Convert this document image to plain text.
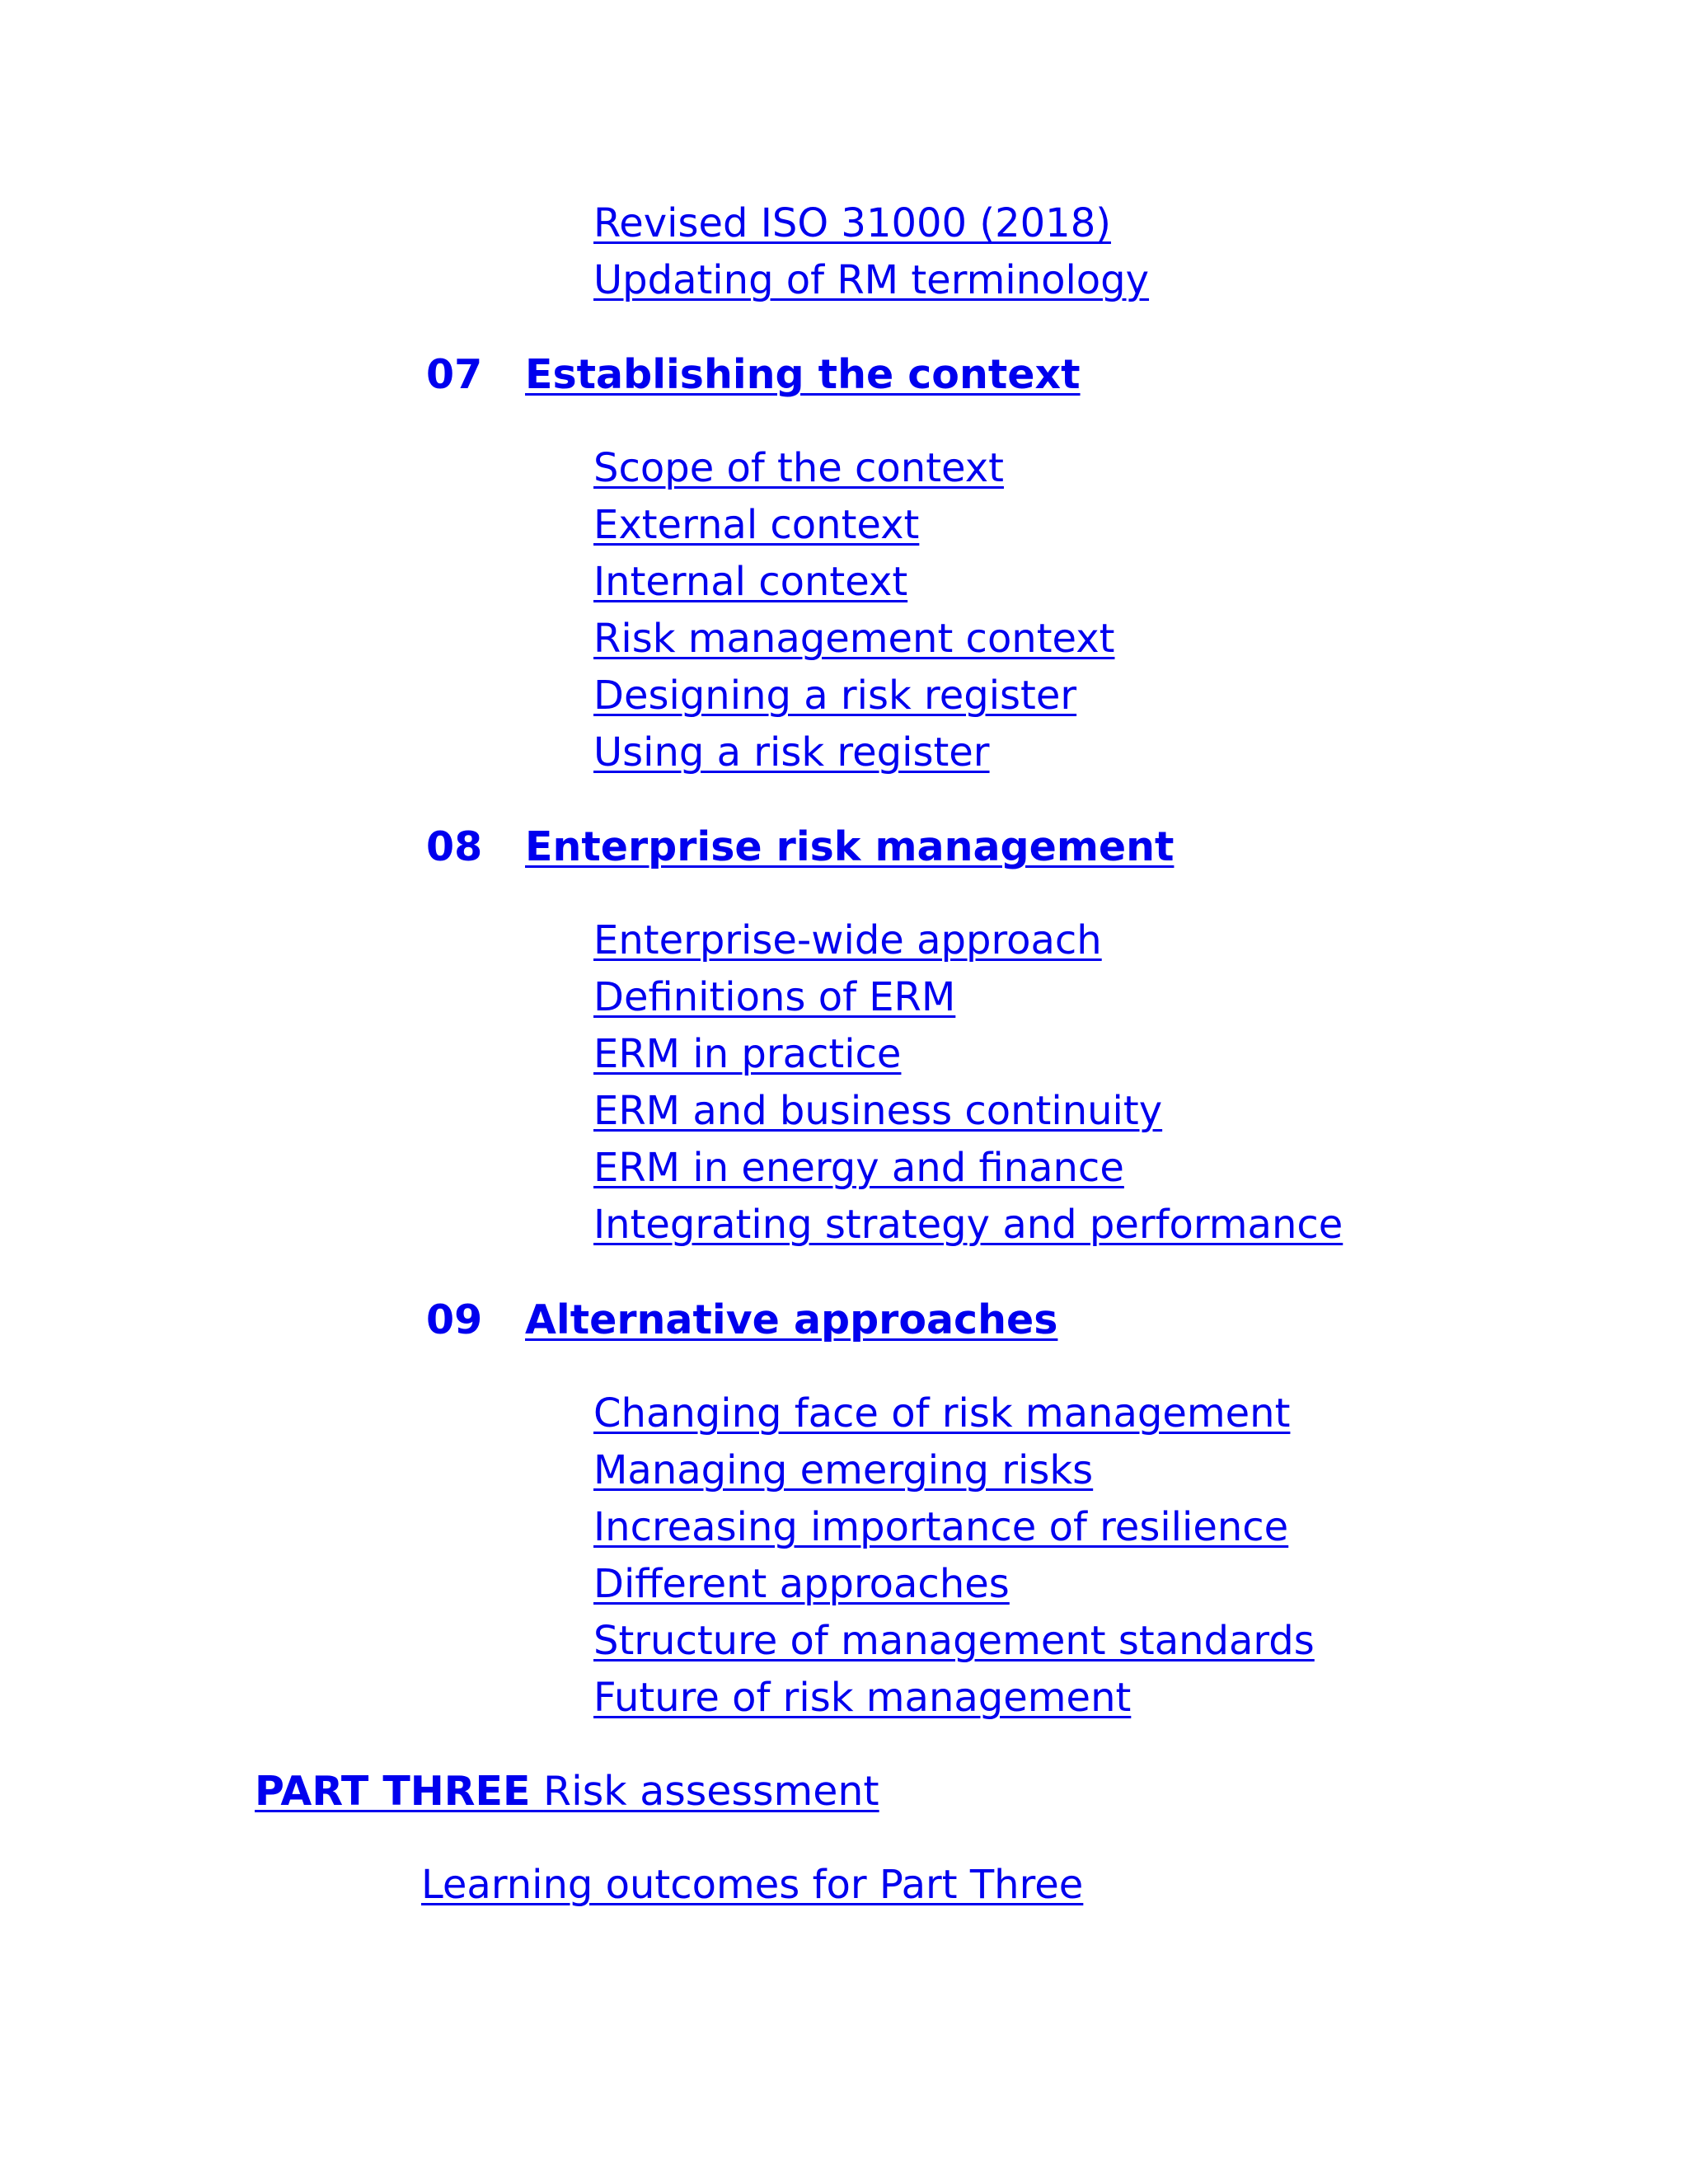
Revised ISO 31000 (2018)
Updating of RM terminology
07 Establishing the context
Scope of the context
External context
Internal context
Risk management context
Designing a risk register
Using a risk register
08 Enterprise risk management
Enterprise-wide approach
Definitions of ERM
ERM in practice
ERM and business continuity
ERM in energy and finance
Integrating strategy and performance
09 Alternative approaches
Changing face of risk management
Managing emerging risks
Increasing importance of resilience
Different approaches
Structure of management standards
Future of risk management
PART THREE Risk assessment
Learning outcomes for Part Three
